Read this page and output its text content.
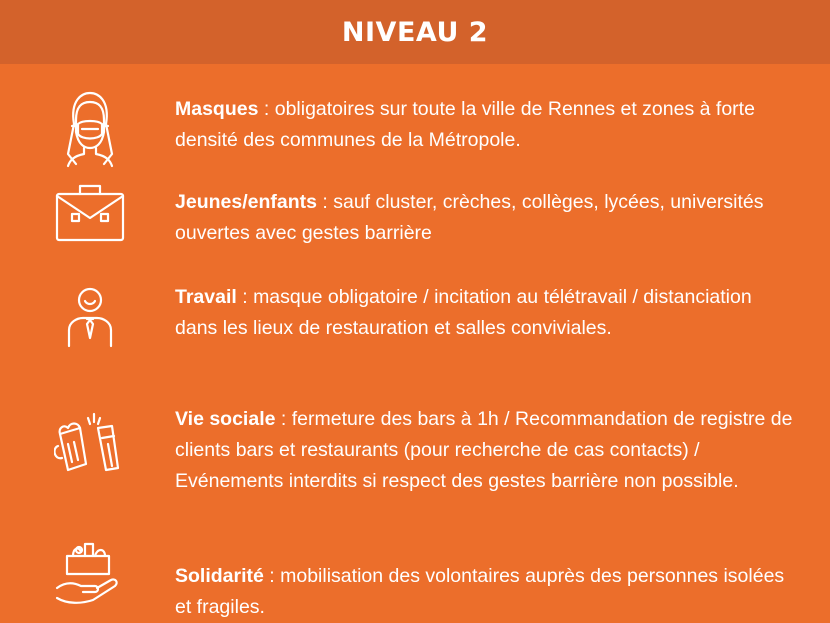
NIVEAU 2
Masques : obligatoires sur toute la ville de Rennes et zones à forte densité des communes de la Métropole.
Jeunes/enfants : sauf cluster, crèches, collèges, lycées, universités ouvertes avec gestes barrière
Travail : masque obligatoire / incitation au télétravail / distanciation dans les lieux de restauration et salles conviviales.
Vie sociale : fermeture des bars à 1h / Recommandation de registre de clients bars et restaurants (pour recherche de cas contacts) / Evénements interdits si respect des gestes barrière non possible.
Solidarité : mobilisation des volontaires auprès des personnes isolées et fragiles.
